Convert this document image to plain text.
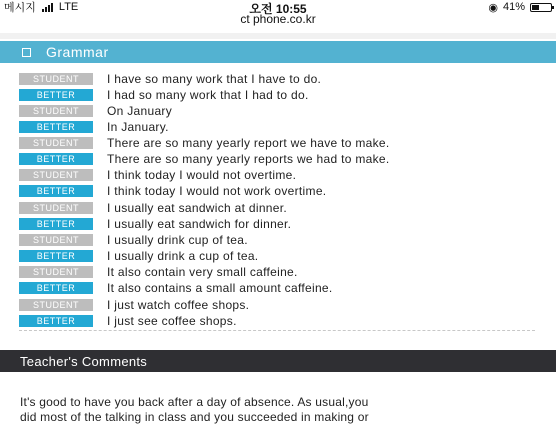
메시지 LTE	오전 10:55	◉ 41%
ct phone.co.kr
Grammar
STUDENT	I have so many work that I have to do.
BETTER	I had so many work that I had to do.
STUDENT	On January
BETTER	In January.
STUDENT	There are so many yearly report we have to make.
BETTER	There are so many yearly reports we had to make.
STUDENT	I think today I would not overtime.
BETTER	I think today I would not work overtime.
STUDENT	I usually eat sandwich at dinner.
BETTER	I usually eat sandwich for dinner.
STUDENT	I usually drink cup of tea.
BETTER	I usually drink a cup of tea.
STUDENT	It also contain very small caffeine.
BETTER	It also contains a small amount caffeine.
STUDENT	I just watch coffee shops.
BETTER	I just see coffee shops.
Teacher's Comments
It's good to have you back after a day of absence. As usual,you
did most of the talking in class and you succeeded in making or
